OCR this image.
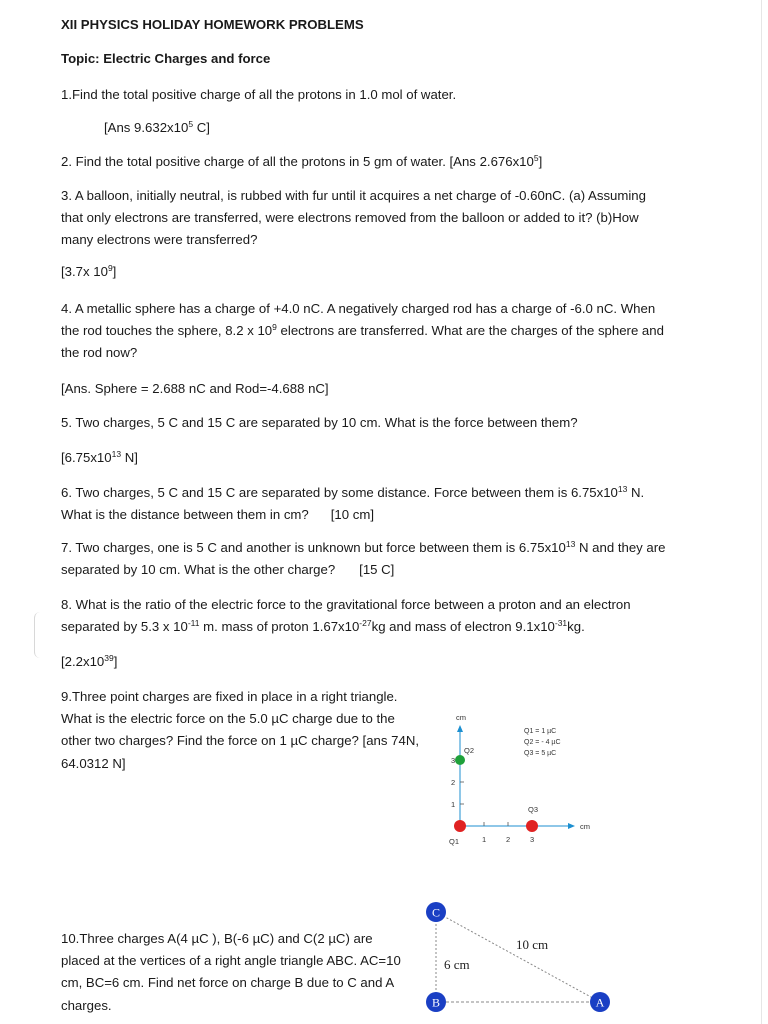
XII PHYSICS HOLIDAY HOMEWORK PROBLEMS

Topic: Electric Charges and force

1.Find the total positive charge of all the protons in 1.0 mol of water.

[Ans $9.632x10^5$ C]

2. Find the total positive charge of all the protons in 5 gm of water. [Ans $2.676x10^5$]

3. A balloon, initially neutral, is rubbed with fur until it acquires a net charge of -0.60nC. (a) Assuming that only electrons are transferred, were electrons removed from the balloon or added to it? (b)How many electrons were transferred?

[3.7x $10^9$]

4. A metallic sphere has a charge of +4.0 nC. A negatively charged rod has a charge of -6.0 nC. When the rod touches the sphere, 8.2 x $10^9$ electrons are transferred. What are the charges of the sphere and the rod now?

[Ans. Sphere = 2.688 nC and Rod=-4.688 nC]

5. Two charges, 5 C and 15 C are separated by 10 cm. What is the force between them?

[$6.75x10^{13}$ N]

6. Two charges, 5 C and 15 C are separated by some distance. Force between them is $6.75x10^{13}$ N. What is the distance between them in cm? [10 cm]

7. Two charges, one is 5 C and another is unknown but force between them is $6.75x10^{13}$ N and they are separated by 10 cm. What is the other charge? [15 C]

8. What is the ratio of the electric force to the gravitational force between a proton and an electron separated by 5.3 x $10^{-11}$ m. mass of proton $1.67x10^{-27}kg$ and mass of electron $9.1x10^{-31}kg$.

$[2.2x10^{39}]$

9.Three point charges are fixed in place in a right triangle. What is the electric force on the 5.0 µC charge due to the other two charges? Find the force on 1 µC charge? [ans 74N, 64.0312 N]

cm
cm
1
2
3
1	2	3
Q1
Q2
Q3
Q1 = 1 µC
Q2 = - 4 µC
Q3 = 5 µC

10.Three charges A(4 µC ), B(-6 µC) and C(2 µC) are placed at the vertices of a right angle triangle ABC. AC=10 cm, BC=6 cm. Find net force on charge B due to C and A charges.

10 cm
6 cm
C
B	A
